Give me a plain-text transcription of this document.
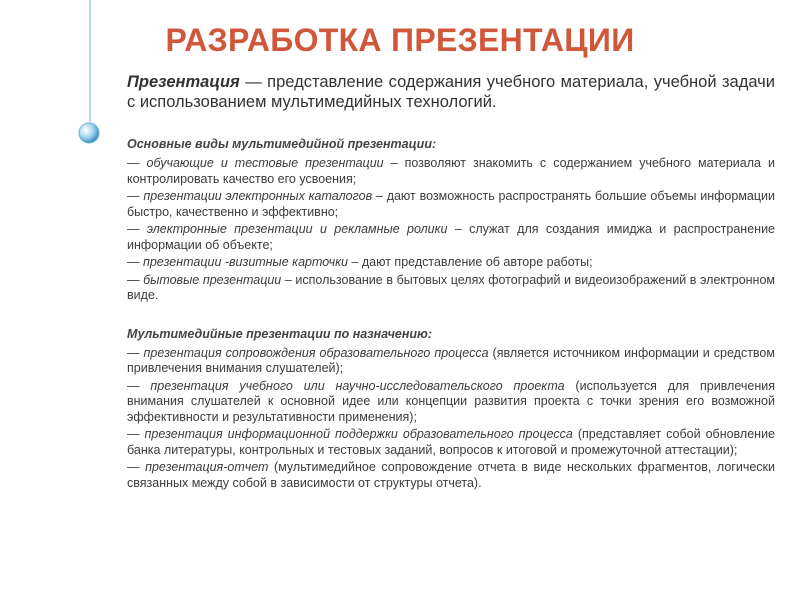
РАЗРАБОТКА ПРЕЗЕНТАЦИИ

Презентация — представление содержания учебного материала, учебной задачи с использованием мультимедийных технологий.

Основные виды мультимедийной презентации:

— обучающие и тестовые презентации – позволяют знакомить с содержанием учебного материала и контролировать качество его усвоения;

— презентации электронных каталогов – дают возможность распространять большие объемы информации быстро, качественно и эффективно;

— электронные презентации и рекламные ролики – служат для создания имиджа и распространение информации об объекте;

— презентации -визитные карточки – дают представление об авторе работы;

— бытовые презентации – использование в бытовых целях фотографий и видеоизображений в электронном виде.

Мультимедийные презентации по назначению:

— презентация сопровождения образовательного процесса (является источником информации и средством привлечения внимания слушателей);

— презентация учебного или научно-исследовательского проекта (используется для привлечения внимания слушателей к основной идее или концепции развития проекта с точки зрения его возможной эффективности и результативности применения);

— презентация информационной поддержки образовательного процесса (представляет собой обновление банка литературы, контрольных и тестовых заданий, вопросов к итоговой и промежуточной аттестации);

— презентация-отчет (мультимедийное сопровождение отчета в виде нескольких фрагментов, логически связанных между собой в зависимости от структуры отчета).
